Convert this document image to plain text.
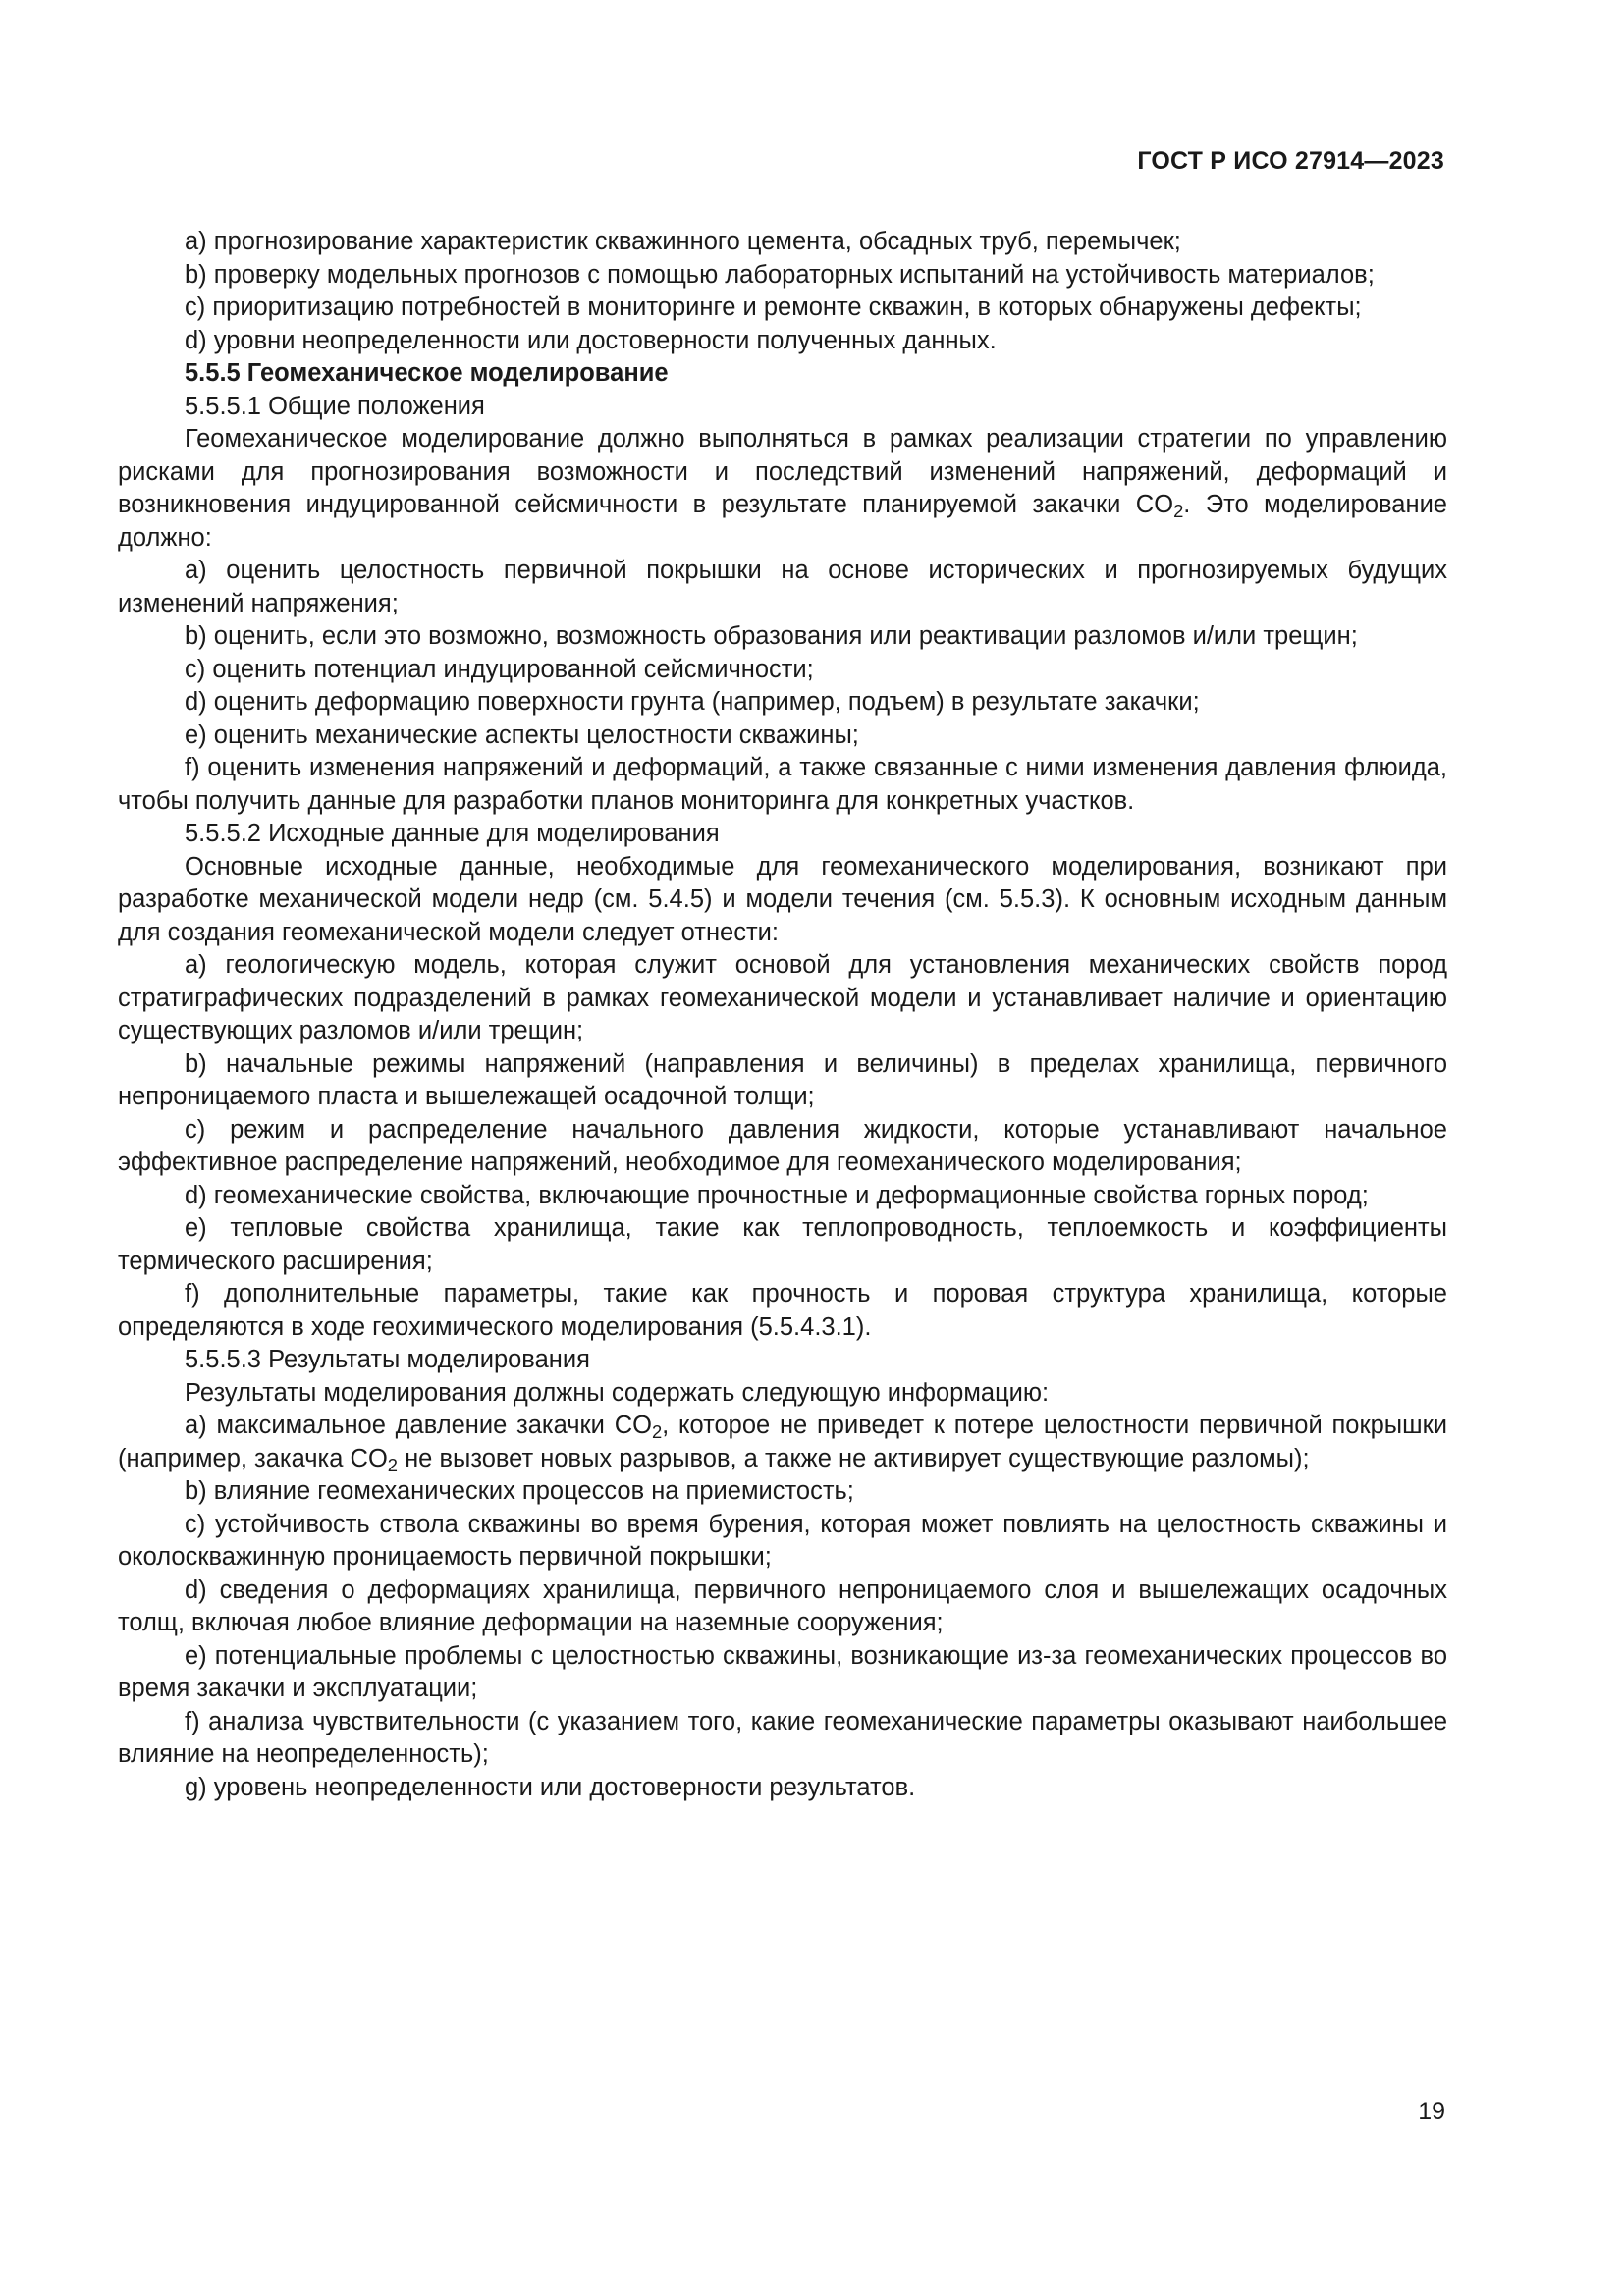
ГОСТ Р ИСО 27914—2023

a) прогнозирование характеристик скважинного цемента, обсадных труб, перемычек;

b) проверку модельных прогнозов с помощью лабораторных испытаний на устойчивость материалов;

c) приоритизацию потребностей в мониторинге и ремонте скважин, в которых обнаружены дефекты;

d) уровни неопределенности или достоверности полученных данных.

5.5.5 Геомеханическое моделирование

5.5.5.1 Общие положения

Геомеханическое моделирование должно выполняться в рамках реализации стратегии по управлению рисками для прогнозирования возможности и последствий изменений напряжений, деформаций и возникновения индуцированной сейсмичности в результате планируемой закачки $CO_2$. Это моделирование должно:

a) оценить целостность первичной покрышки на основе исторических и прогнозируемых будущих изменений напряжения;

b) оценить, если это возможно, возможность образования или реактивации разломов и/или трещин;

c) оценить потенциал индуцированной сейсмичности;

d) оценить деформацию поверхности грунта (например, подъем) в результате закачки;

e) оценить механические аспекты целостности скважины;

f) оценить изменения напряжений и деформаций, а также связанные с ними изменения давления флюида, чтобы получить данные для разработки планов мониторинга для конкретных участков.

5.5.5.2 Исходные данные для моделирования

Основные исходные данные, необходимые для геомеханического моделирования, возникают при разработке механической модели недр (см. 5.4.5) и модели течения (см. 5.5.3). К основным исходным данным для создания геомеханической модели следует отнести:

a) геологическую модель, которая служит основой для установления механических свойств пород стратиграфических подразделений в рамках геомеханической модели и устанавливает наличие и ориентацию существующих разломов и/или трещин;

b) начальные режимы напряжений (направления и величины) в пределах хранилища, первичного непроницаемого пласта и вышележащей осадочной толщи;

c) режим и распределение начального давления жидкости, которые устанавливают начальное эффективное распределение напряжений, необходимое для геомеханического моделирования;

d) геомеханические свойства, включающие прочностные и деформационные свойства горных пород;

e) тепловые свойства хранилища, такие как теплопроводность, теплоемкость и коэффициенты термического расширения;

f) дополнительные параметры, такие как прочность и поровая структура хранилища, которые определяются в ходе геохимического моделирования (5.5.4.3.1).

5.5.5.3 Результаты моделирования

Результаты моделирования должны содержать следующую информацию:

a) максимальное давление закачки $CO_2$, которое не приведет к потере целостности первичной покрышки (например, закачка $CO_2$ не вызовет новых разрывов, а также не активирует существующие разломы);

b) влияние геомеханических процессов на приемистость;

c) устойчивость ствола скважины во время бурения, которая может повлиять на целостность скважины и околоскважинную проницаемость первичной покрышки;

d) сведения о деформациях хранилища, первичного непроницаемого слоя и вышележащих осадочных толщ, включая любое влияние деформации на наземные сооружения;

e) потенциальные проблемы с целостностью скважины, возникающие из-за геомеханических процессов во время закачки и эксплуатации;

f) анализа чувствительности (с указанием того, какие геомеханические параметры оказывают наибольшее влияние на неопределенность);

g) уровень неопределенности или достоверности результатов.

19
